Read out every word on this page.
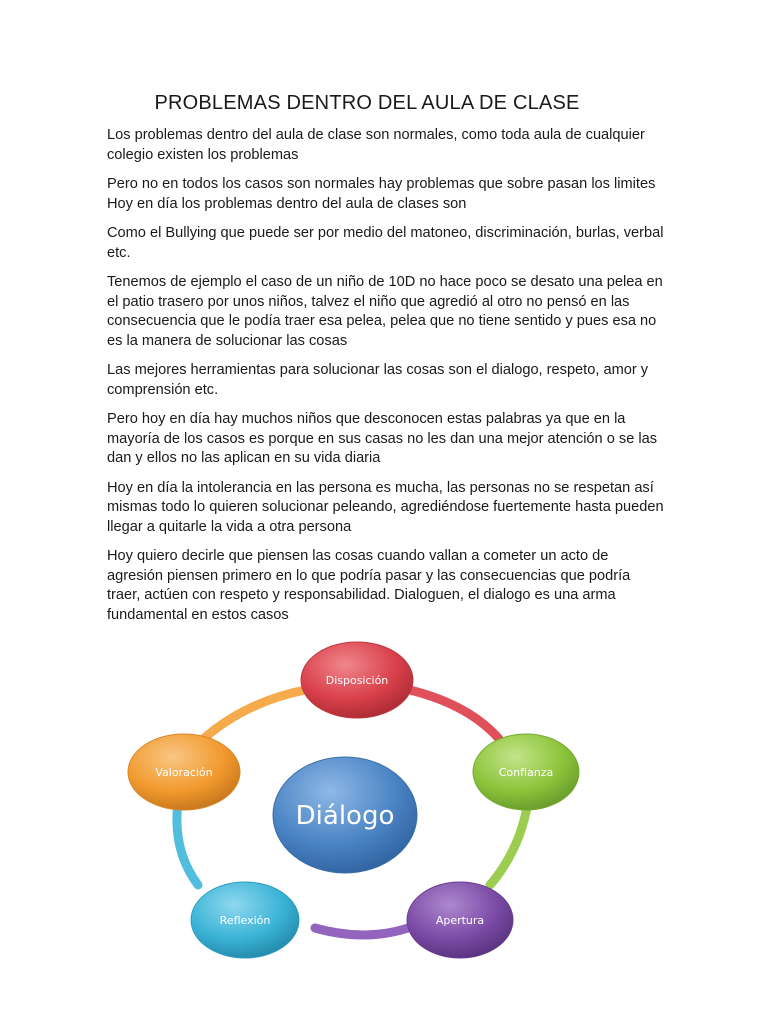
PROBLEMAS DENTRO DEL AULA DE CLASE

Los problemas dentro del aula de clase son normales, como toda aula de cualquier colegio existen los problemas

Pero no en todos los casos son normales hay problemas que sobre pasan los limites Hoy en día los problemas dentro del aula de clases son

Como el Bullying que puede ser por medio del matoneo, discriminación, burlas, verbal etc.

Tenemos de ejemplo el caso de un niño de 10D no hace poco se desato una pelea en el patio trasero por unos niños, talvez el niño que agredió al otro no pensó en las consecuencia que le podía traer esa pelea, pelea que no tiene sentido y pues esa no es la manera de solucionar las cosas

Las mejores herramientas para solucionar las cosas son el dialogo, respeto, amor y comprensión etc.

Pero hoy en día hay muchos niños que desconocen estas palabras ya que en la mayoría de los casos es porque en sus casas no les dan una mejor atención o se las dan y ellos no las aplican en su vida diaria

Hoy en día la intolerancia en las persona es mucha, las personas no se respetan así mismas todo lo quieren solucionar peleando, agrediéndose fuertemente hasta pueden llegar a quitarle la vida a otra persona

Hoy quiero decirle que piensen las cosas cuando vallan a cometer un acto de agresión piensen primero en lo que podría pasar y las consecuencias que podría traer, actúen con respeto y responsabilidad. Dialoguen, el dialogo es una arma fundamental en estos casos

Diálogo
Disposición
Confianza
Apertura
Reflexión
Valoración
